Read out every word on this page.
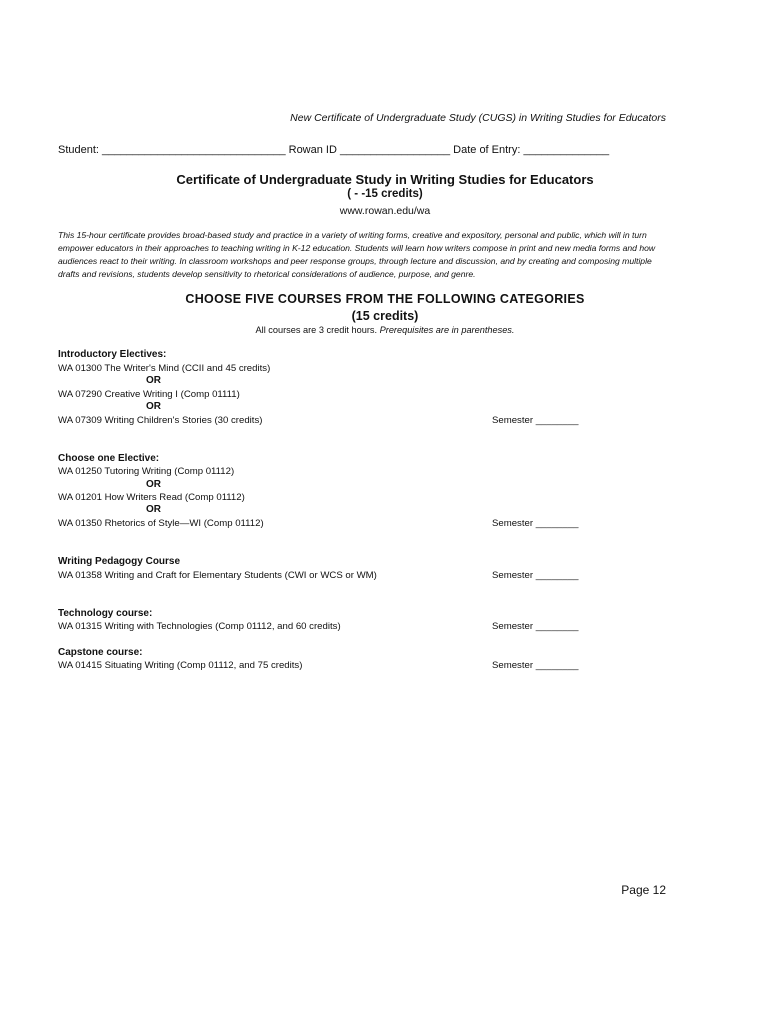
New Certificate of Undergraduate Study (CUGS) in Writing Studies for Educators
Student: ______________________________ Rowan ID __________________ Date of Entry: ______________
Certificate of Undergraduate Study in Writing Studies for Educators
( - -15 credits)
www.rowan.edu/wa
This 15-hour certificate provides broad-based study and practice in a variety of writing forms, creative and expository, personal and public, which will in turn empower educators in their approaches to teaching writing in K-12 education. Students will learn how writers compose in print and new media forms and how audiences react to their writing. In classroom workshops and peer response groups, through lecture and discussion, and by creating and composing multiple drafts and revisions, students develop sensitivity to rhetorical considerations of audience, purpose, and genre.
CHOOSE FIVE COURSES FROM THE FOLLOWING CATEGORIES
(15 credits)
All courses are 3 credit hours. Prerequisites are in parentheses.
Introductory Electives:
WA 01300 The Writer's Mind (CCII and 45 credits)
OR
WA 07290 Creative Writing I (Comp 01111)
OR
WA 07309 Writing Children's Stories (30 credits)	Semester ________
Choose one Elective:
WA 01250 Tutoring Writing (Comp 01112)
OR
WA 01201 How Writers Read (Comp 01112)
OR
WA 01350 Rhetorics of Style—WI (Comp 01112)	Semester ________
Writing Pedagogy Course
WA 01358 Writing and Craft for Elementary Students (CWI or WCS or WM)	Semester ________
Technology course:
WA 01315 Writing with Technologies (Comp 01112, and 60 credits)	Semester ________
Capstone course:
WA 01415 Situating Writing (Comp 01112, and 75 credits)	Semester ________
Page 12
